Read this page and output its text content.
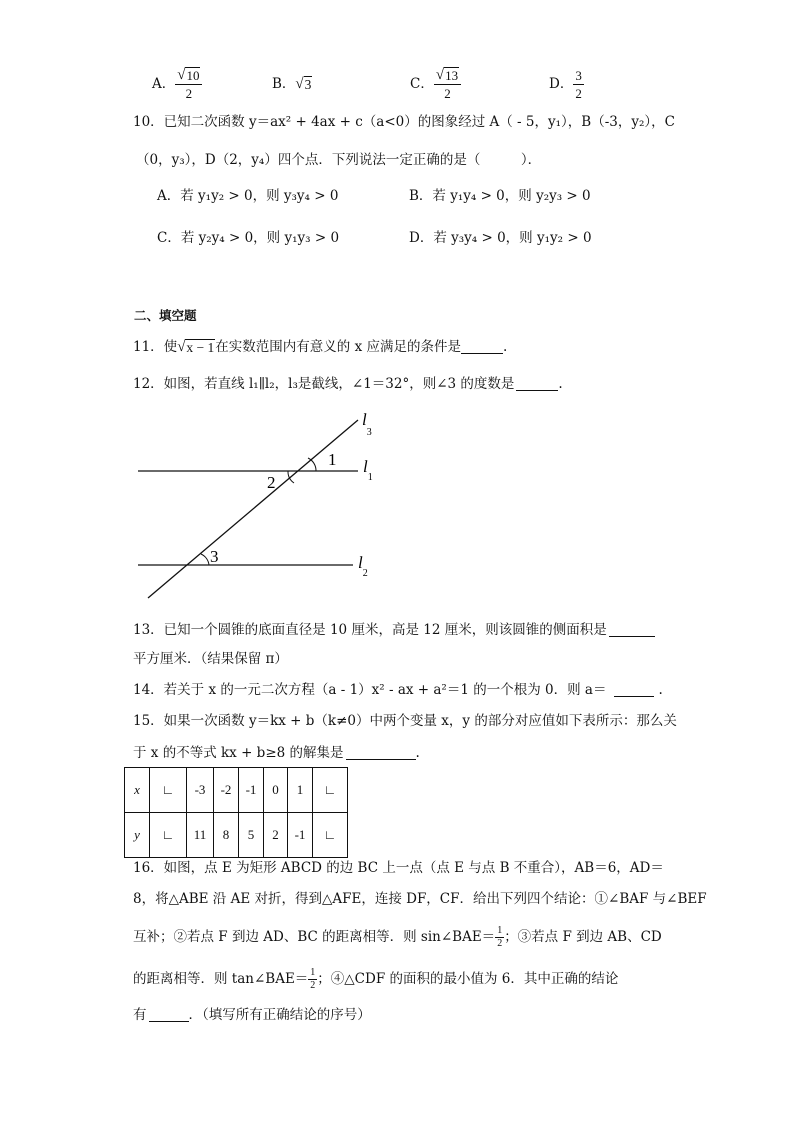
A． $\frac{√ 10}{2}$	B． √ 3	C． $\frac{√ 13}{2}$	D． $\frac{3}{2}$
10．已知二次函数 y＝ax² + 4ax + c（a<0）的图象经过 A（ - 5，y₁），B（-3，y₂），C
（0，y₃），D（2，y₄）四个点．下列说法一定正确的是（　　　）．
A．若 y₁y₂ > 0，则 y₃y₄ > 0	B．若 y₁y₄ > 0，则 y₂y₃ > 0
C．若 y₂y₄ > 0，则 y₁y₃ > 0	D．若 y₃y₄ > 0，则 y₁y₂ > 0
二、填空题
11．使 √ x − 1 在实数范围内有意义的 x 应满足的条件是	.
12．如图，若直线 l₁∥l₂，l₃是截线，∠1＝32°，则∠3 的度数是	.
1
2
3
$l_3$
$l_1$
$l_2$
13．已知一个圆锥的底面直径是 10 厘米，高是 12 厘米，则该圆锥的侧面积是
平方厘米．（结果保留 π）
14．若关于 x 的一元二次方程（a - 1）x² - ax + a²＝1 的一个根为 0．则 a＝	.
15．如果一次函数 y＝kx + b（k≠0）中两个变量 x，y 的部分对应值如下表所示：那么关
于 x 的不等式 kx + b≥8 的解集是	.
x	∟	-3	-2	-1	0	1	∟
y	∟	11	8	5	2	-1	∟
16．如图，点 E 为矩形 ABCD 的边 BC 上一点（点 E 与点 B 不重合），AB＝6，AD＝
8，将△ABE 沿 AE 对折，得到△AFE，连接 DF，CF．给出下列四个结论：①∠BAF 与∠BEF
互补；②若点 F 到边 AD、BC 的距离相等．则 sin∠BAE＝ $\frac{1}{2}$ ；③若点 F 到边 AB、CD
的距离相等．则 tan∠BAE＝ $\frac{1}{2}$ ；④△CDF 的面积的最小值为 6．其中正确的结论
有	．（填写所有正确结论的序号）
